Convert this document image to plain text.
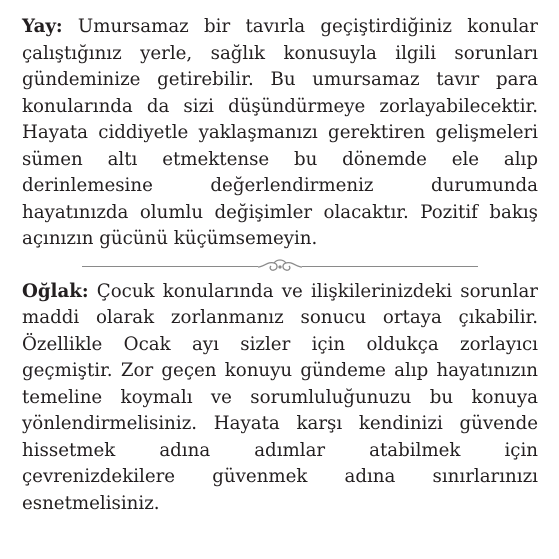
Yay: Umursamaz bir tavırla geçiştirdiğiniz konular çalıştığınız yerle, sağlık konusuyla ilgili sorunları gündeminize getirebilir. Bu umursamaz tavır para konularında da sizi düşündürmeye zorlayabilecektir. Hayata ciddiyetle yaklaşmanızı gerektiren gelişmeleri sümen altı etmektense bu dönemde ele alıp derinlemesine değerlendirmeniz durumunda hayatınızda olumlu değişimler olacaktır. Pozitif bakış açınızın gücünü küçümsemeyin.

Oğlak: Çocuk konularında ve ilişkilerinizdeki sorunlar maddi olarak zorlanmanız sonucu ortaya çıkabilir. Özellikle Ocak ayı sizler için oldukça zorlayıcı geçmiştir. Zor geçen konuyu gündeme alıp hayatınızın temeline koymalı ve sorumluluğunuzu bu konuya yönlendirmelisiniz. Hayata karşı kendinizi güvende hissetmek adına adımlar atabilmek için çevrenizdekilere güvenmek adına sınırlarınızı esnetmelisiniz.
